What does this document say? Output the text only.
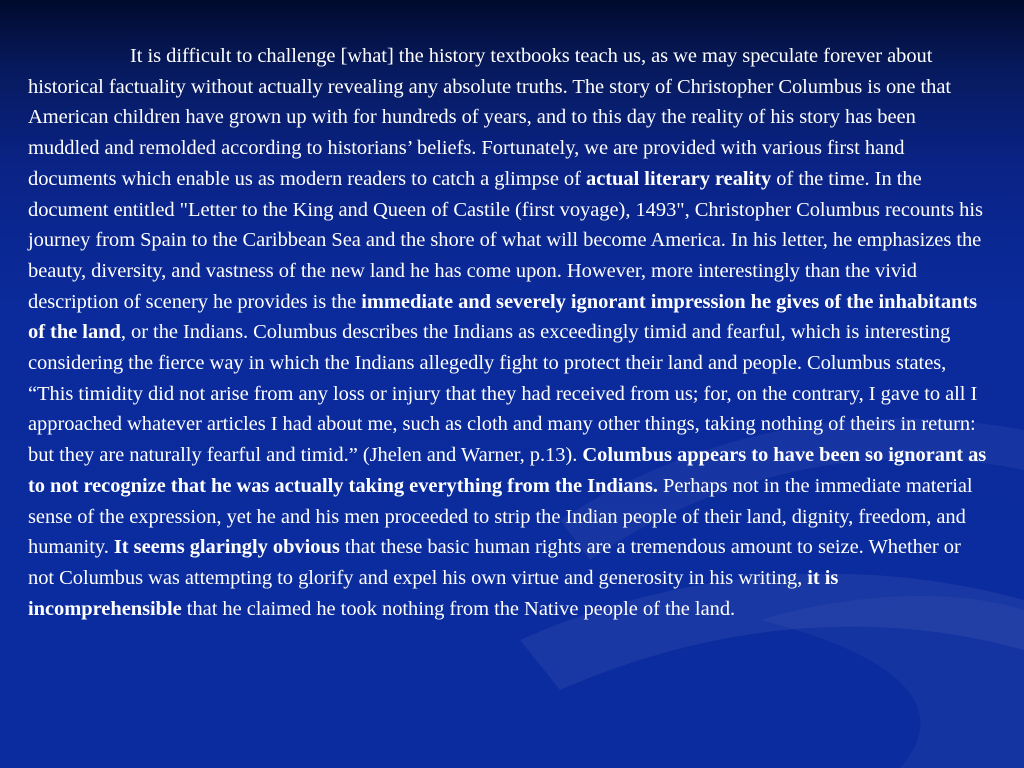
It is difficult to challenge [what] the history textbooks teach us, as we may speculate forever about historical factuality without actually revealing any absolute truths. The story of Christopher Columbus is one that American children have grown up with for hundreds of years, and to this day the reality of his story has been muddled and remolded according to historians’ beliefs. Fortunately, we are provided with various first hand documents which enable us as modern readers to catch a glimpse of actual literary reality of the time. In the document entitled "Letter to the King and Queen of Castile (first voyage), 1493", Christopher Columbus recounts his journey from Spain to the Caribbean Sea and the shore of what will become America. In his letter, he emphasizes the beauty, diversity, and vastness of the new land he has come upon. However, more interestingly than the vivid description of scenery he provides is the immediate and severely ignorant impression he gives of the inhabitants of the land, or the Indians. Columbus describes the Indians as exceedingly timid and fearful, which is interesting considering the fierce way in which the Indians allegedly fight to protect their land and people. Columbus states, “This timidity did not arise from any loss or injury that they had received from us; for, on the contrary, I gave to all I approached whatever articles I had about me, such as cloth and many other things, taking nothing of theirs in return: but they are naturally fearful and timid.” (Jhelen and Warner, p.13). Columbus appears to have been so ignorant as to not recognize that he was actually taking everything from the Indians. Perhaps not in the immediate material sense of the expression, yet he and his men proceeded to strip the Indian people of their land, dignity, freedom, and humanity. It seems glaringly obvious that these basic human rights are a tremendous amount to seize. Whether or not Columbus was attempting to glorify and expel his own virtue and generosity in his writing, it is incomprehensible that he claimed he took nothing from the Native people of the land.
